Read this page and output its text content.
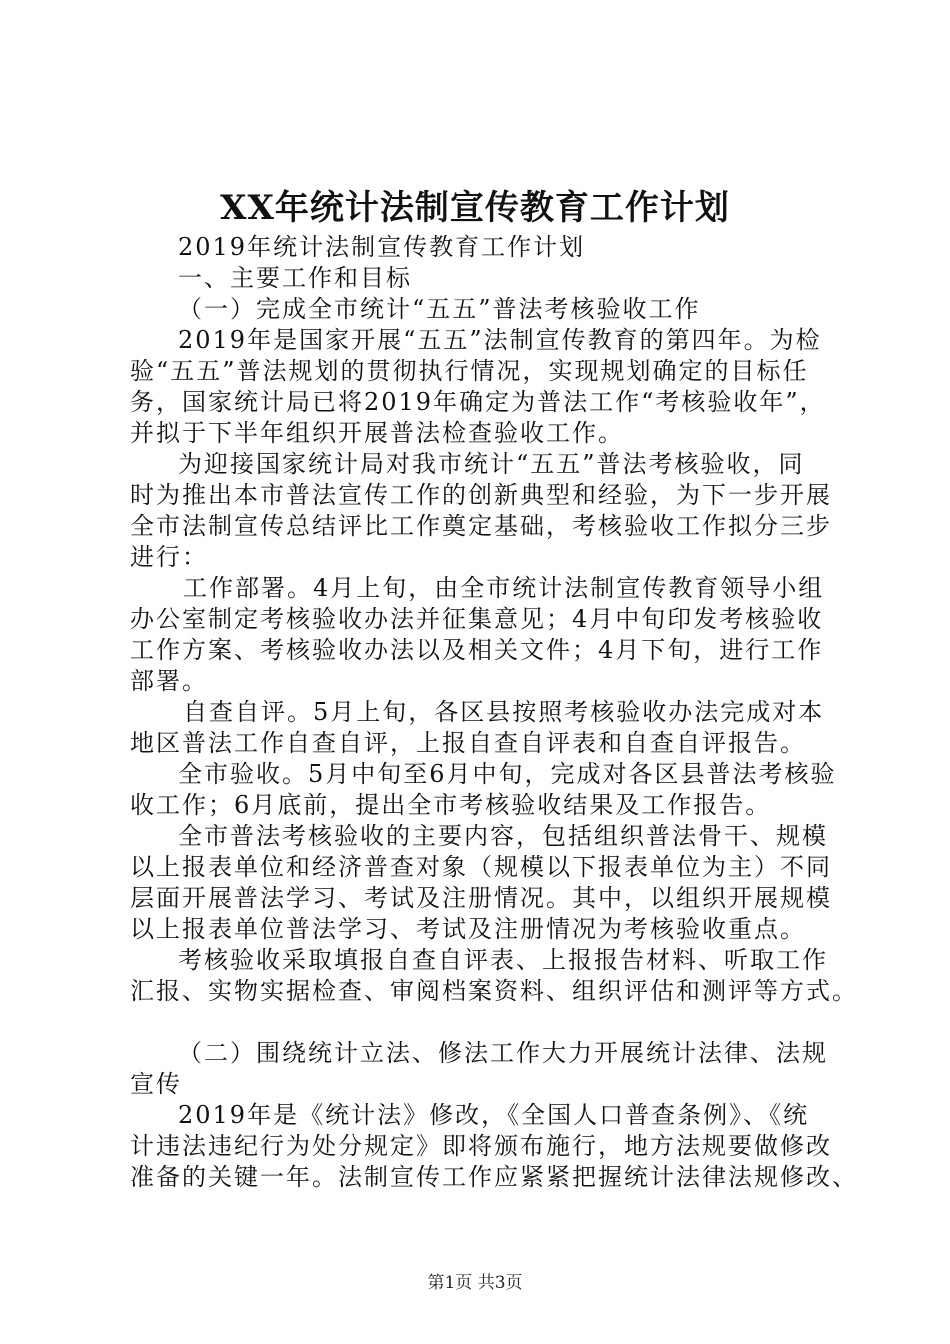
XX年统计法制宣传教育工作计划
2019年统计法制宣传教育工作计划
一、主要工作和目标
（一）完成全市统计“五五”普法考核验收工作
2019年是国家开展“五五”法制宣传教育的第四年。为检
验“五五”普法规划的贯彻执行情况，实现规划确定的目标任
务，国家统计局已将2019年确定为普法工作“考核验收年”，
并拟于下半年组织开展普法检查验收工作。
为迎接国家统计局对我市统计“五五”普法考核验收，同
时为推出本市普法宣传工作的创新典型和经验，为下一步开展
全市法制宣传总结评比工作奠定基础，考核验收工作拟分三步
进行：
工作部署。4月上旬，由全市统计法制宣传教育领导小组
办公室制定考核验收办法并征集意见；4月中旬印发考核验收
工作方案、考核验收办法以及相关文件；4月下旬，进行工作
部署。
自查自评。5月上旬，各区县按照考核验收办法完成对本
地区普法工作自查自评，上报自查自评表和自查自评报告。
全市验收。5月中旬至6月中旬，完成对各区县普法考核验
收工作；6月底前，提出全市考核验收结果及工作报告。
全市普法考核验收的主要内容，包括组织普法骨干、规模
以上报表单位和经济普查对象（规模以下报表单位为主）不同
层面开展普法学习、考试及注册情况。其中，以组织开展规模
以上报表单位普法学习、考试及注册情况为考核验收重点。
考核验收采取填报自查自评表、上报报告材料、听取工作
汇报、实物实据检查、审阅档案资料、组织评估和测评等方式。
（二）围绕统计立法、修法工作大力开展统计法律、法规
宣传
2019年是《统计法》修改，《全国人口普查条例》、《统
计违法违纪行为处分规定》即将颁布施行，地方法规要做修改
准备的关键一年。法制宣传工作应紧紧把握统计法律法规修改、
第1页 共3页
